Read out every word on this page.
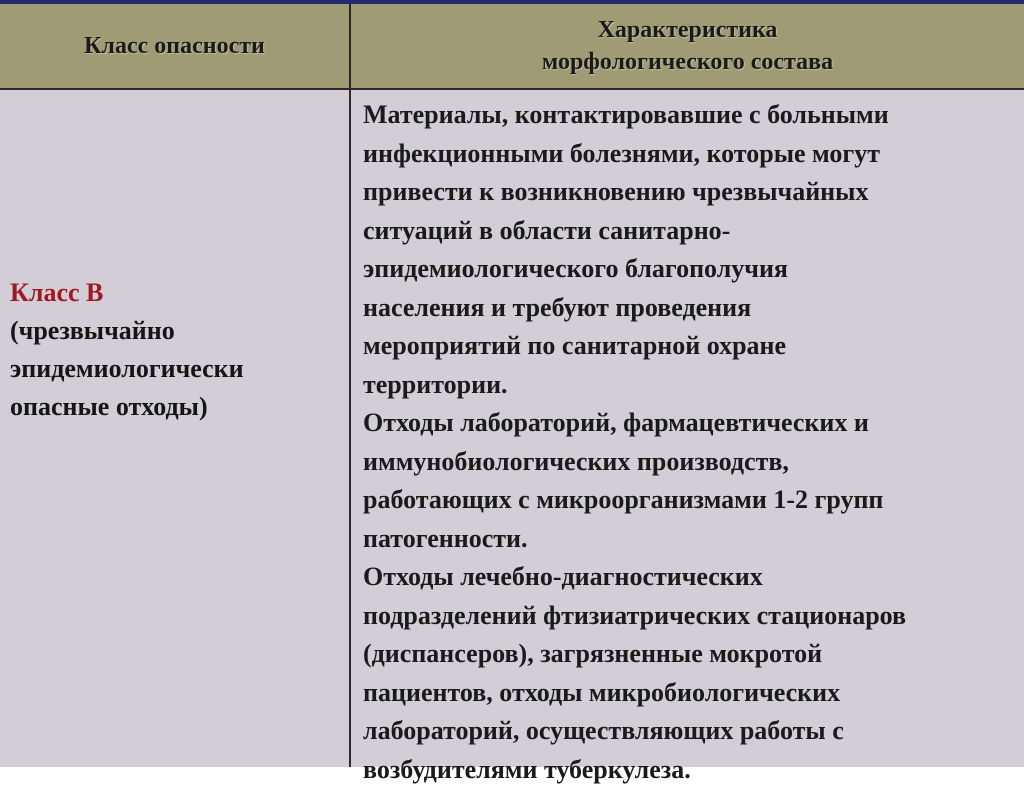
Класс опасности
Характеристика
морфологического состава
Класс В
(чрезвычайно
эпидемиологически
опасные отходы)
Материалы, контактировавшие с больными
инфекционными болезнями, которые могут
привести к возникновению чрезвычайных
ситуаций в области санитарно-
эпидемиологического благополучия
населения и требуют проведения
мероприятий по санитарной охране
территории.
Отходы лабораторий, фармацевтических и
иммунобиологических производств,
работающих с микроорганизмами 1-2 групп
патогенности.
Отходы лечебно-диагностических
подразделений фтизиатрических стационаров
(диспансеров), загрязненные мокротой
пациентов, отходы микробиологических
лабораторий, осуществляющих работы с
возбудителями туберкулеза.
